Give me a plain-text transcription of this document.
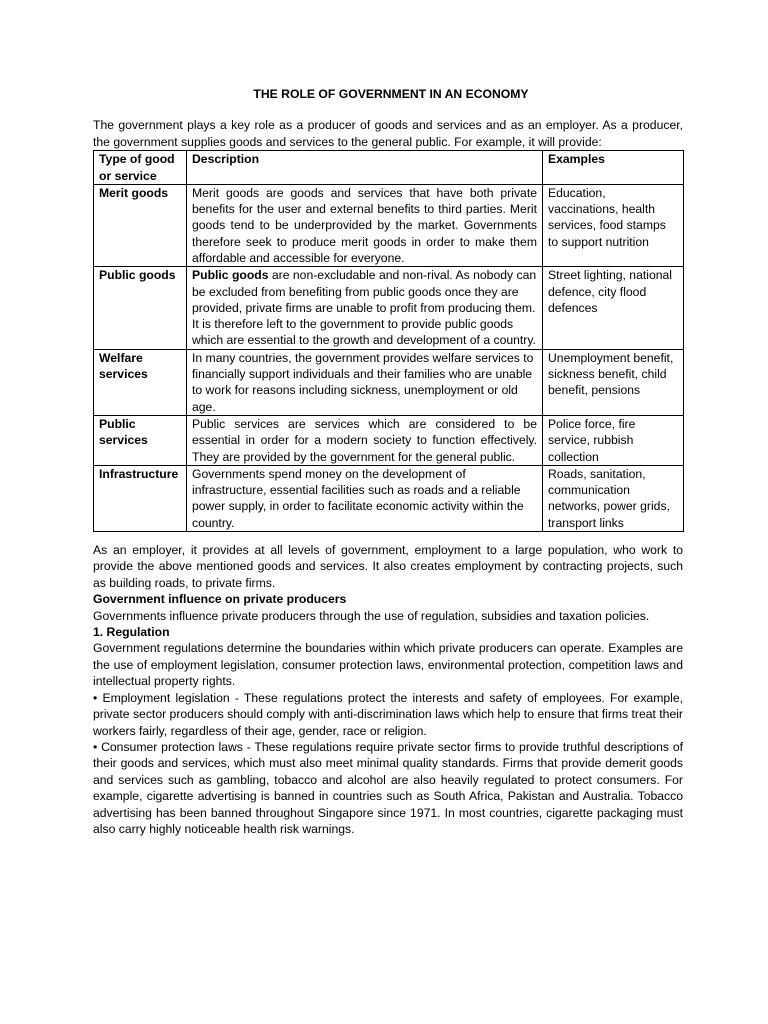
THE ROLE OF GOVERNMENT IN AN ECONOMY

The government plays a key role as a producer of goods and services and as an employer. As a producer, the government supplies goods and services to the general public. For example, it will provide:

Type of good or service	Description	Examples
Merit goods	Merit goods are goods and services that have both private benefits for the user and external benefits to third parties. Merit goods tend to be underprovided by the market. Governments therefore seek to produce merit goods in order to make them affordable and accessible for everyone.	Education, vaccinations, health services, food stamps to support nutrition
Public goods	Public goods are non-excludable and non-rival. As nobody can be excluded from benefiting from public goods once they are provided, private firms are unable to profit from producing them. It is therefore left to the government to provide public goods which are essential to the growth and development of a country.	Street lighting, national defence, city flood defences
Welfare services	In many countries, the government provides welfare services to financially support individuals and their families who are unable to work for reasons including sickness, unemployment or old age.	Unemployment benefit, sickness benefit, child benefit, pensions
Public services	Public services are services which are considered to be essential in order for a modern society to function effectively. They are provided by the government for the general public.	Police force, fire service, rubbish collection
Infrastructure	Governments spend money on the development of infrastructure, essential facilities such as roads and a reliable power supply, in order to facilitate economic activity within the country.	Roads, sanitation, communication networks, power grids, transport links

As an employer, it provides at all levels of government, employment to a large population, who work to provide the above mentioned goods and services. It also creates employment by contracting projects, such as building roads, to private firms.

Government influence on private producers

Governments influence private producers through the use of regulation, subsidies and taxation policies.

1. Regulation

Government regulations determine the boundaries within which private producers can operate. Examples are the use of employment legislation, consumer protection laws, environmental protection, competition laws and intellectual property rights.

• Employment legislation - These regulations protect the interests and safety of employees. For example, private sector producers should comply with anti-discrimination laws which help to ensure that firms treat their workers fairly, regardless of their age, gender, race or religion.

• Consumer protection laws - These regulations require private sector firms to provide truthful descriptions of their goods and services, which must also meet minimal quality standards. Firms that provide demerit goods and services such as gambling, tobacco and alcohol are also heavily regulated to protect consumers. For example, cigarette advertising is banned in countries such as South Africa, Pakistan and Australia. Tobacco advertising has been banned throughout Singapore since 1971. In most countries, cigarette packaging must also carry highly noticeable health risk warnings.
